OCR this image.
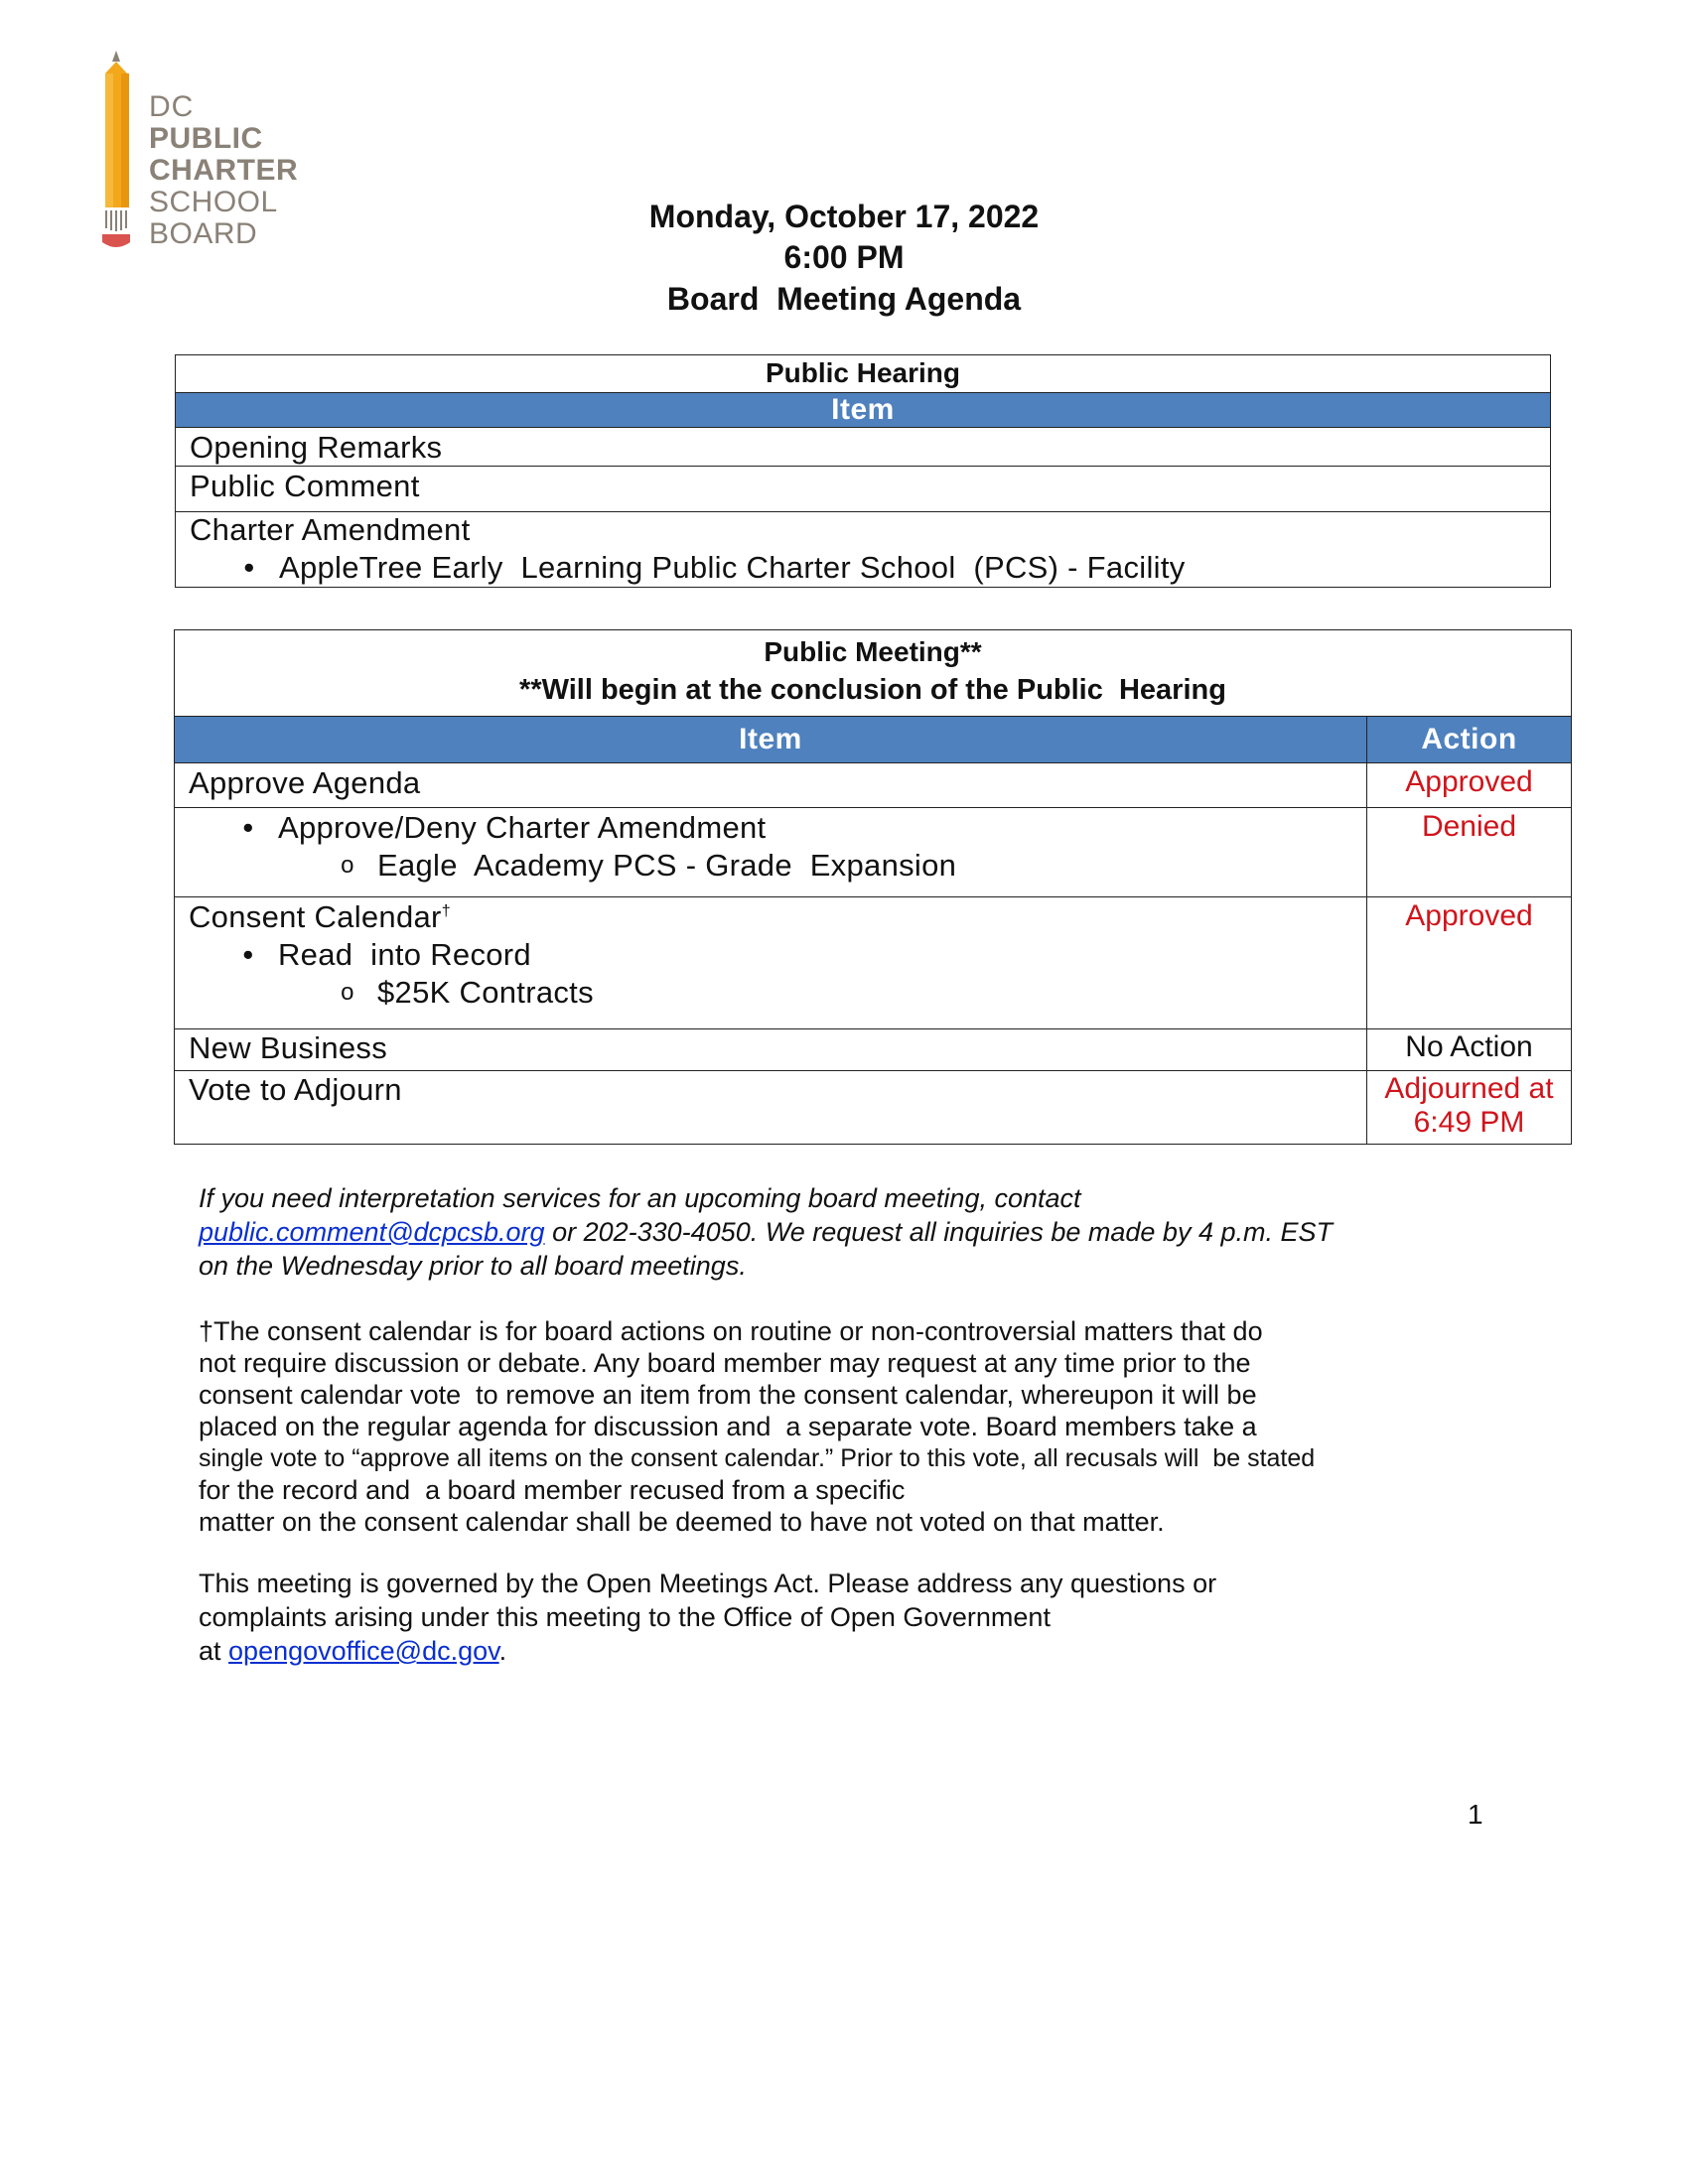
DC
PUBLIC
CHARTER
SCHOOL
BOARD	Monday, October 17, 2022
6:00 PM
Board  Meeting Agenda
Public Hearing
Item
Opening Remarks
Public Comment

Charter Amendment
• AppleTree Early  Learning Public Charter School  (PCS) - Facility
Public Meeting**
**Will begin at the conclusion of the Public  Hearing	

Item	Action
Approve Agenda	Approved

• Approve/Deny Charter Amendment
o Eagle  Academy PCS - Grade  Expansion	Denied

Consent Calendar†
• Read  into Record
o $25K Contracts	Approved
New Business	No Action
Vote to Adjourn	Adjourned at
6:49 PM
If you need interpretation services for an upcoming board meeting, contact
public.comment@dcpcsb.org or 202-330-4050. We request all inquiries be made by 4 p.m. EST
on the Wednesday prior to all board meetings.
†The consent calendar is for board actions on routine or non-controversial matters that do
not require discussion or debate. Any board member may request at any time prior to the
consent calendar vote  to remove an item from the consent calendar, whereupon it will be
placed on the regular agenda for discussion and  a separate vote. Board members take a
single vote to “approve all items on the consent calendar.” Prior to this vote, all recusals will  be stated
for the record and  a board member recused from a specific
matter on the consent calendar shall be deemed to have not voted on that matter.
This meeting is governed by the Open Meetings Act. Please address any questions or
complaints arising under this meeting to the Office of Open Government
at opengovoffice@dc.gov.
1
